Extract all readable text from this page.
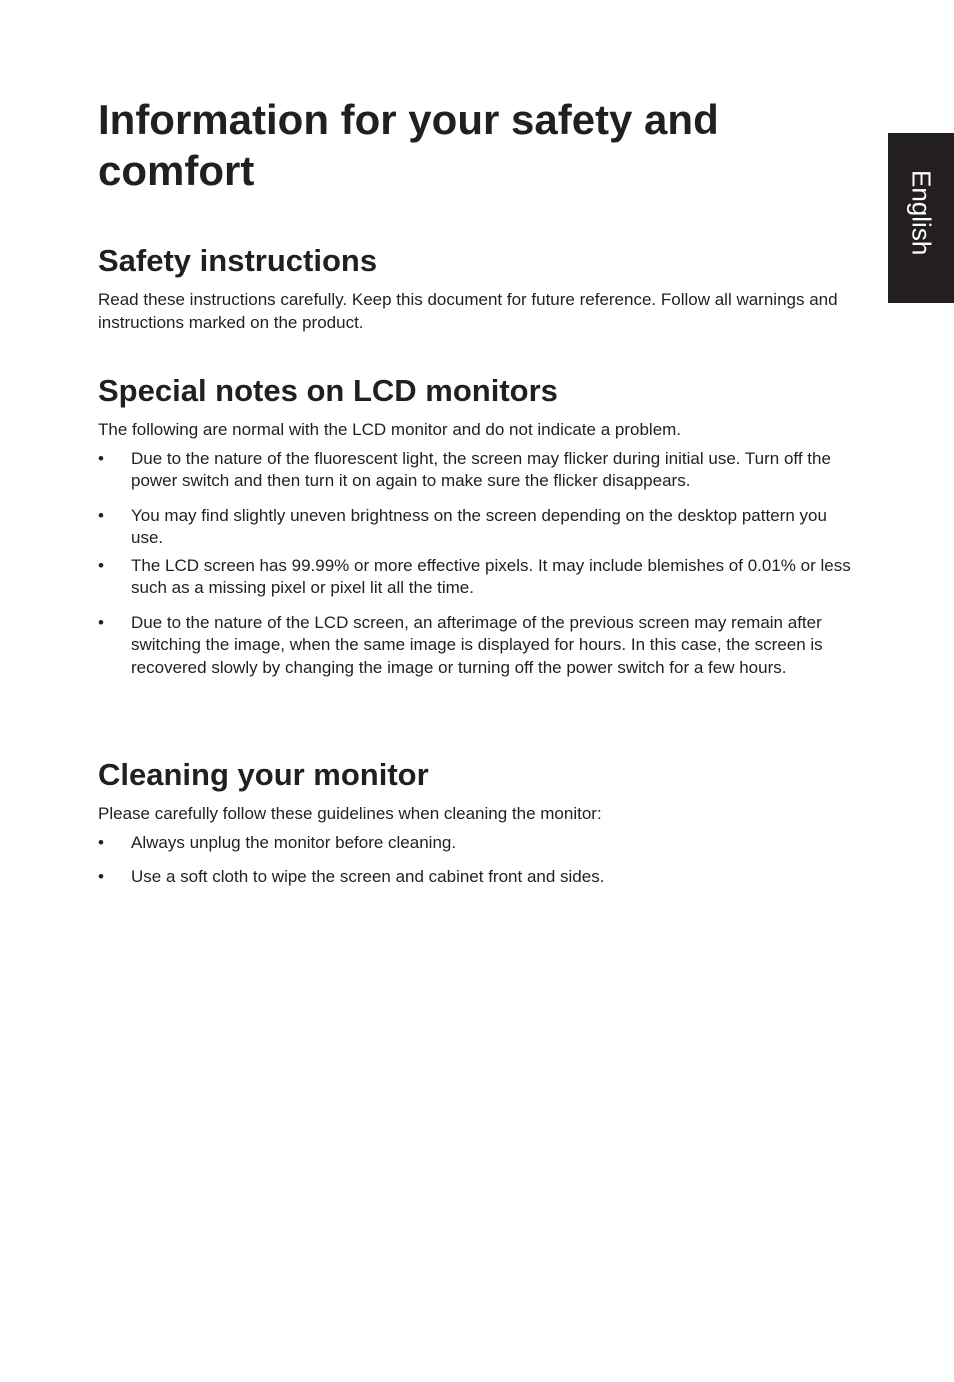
Information for your safety and comfort	English
Safety instructions

Read these instructions carefully. Keep this document for future reference. Follow all warnings and instructions marked on the product.

Special notes on LCD monitors

The following are normal with the LCD monitor and do not indicate a problem.

• Due to the nature of the fluorescent light, the screen may flicker during initial use. Turn off the power switch and then turn it on again to make sure the flicker disappears.
• You may find slightly uneven brightness on the screen depending on the desktop pattern you use.
• The LCD screen has 99.99% or more effective pixels. It may include blemishes of 0.01% or less such as a missing pixel or pixel lit all the time.
• Due to the nature of the LCD screen, an afterimage of the previous screen may remain after switching the image, when the same image is displayed for hours. In this case, the screen is recovered slowly by changing the image or turning off the power switch for a few hours.
Cleaning your monitor

Please carefully follow these guidelines when cleaning the monitor:

• Always unplug the monitor before cleaning.
• Use a soft cloth to wipe the screen and cabinet front and sides.
